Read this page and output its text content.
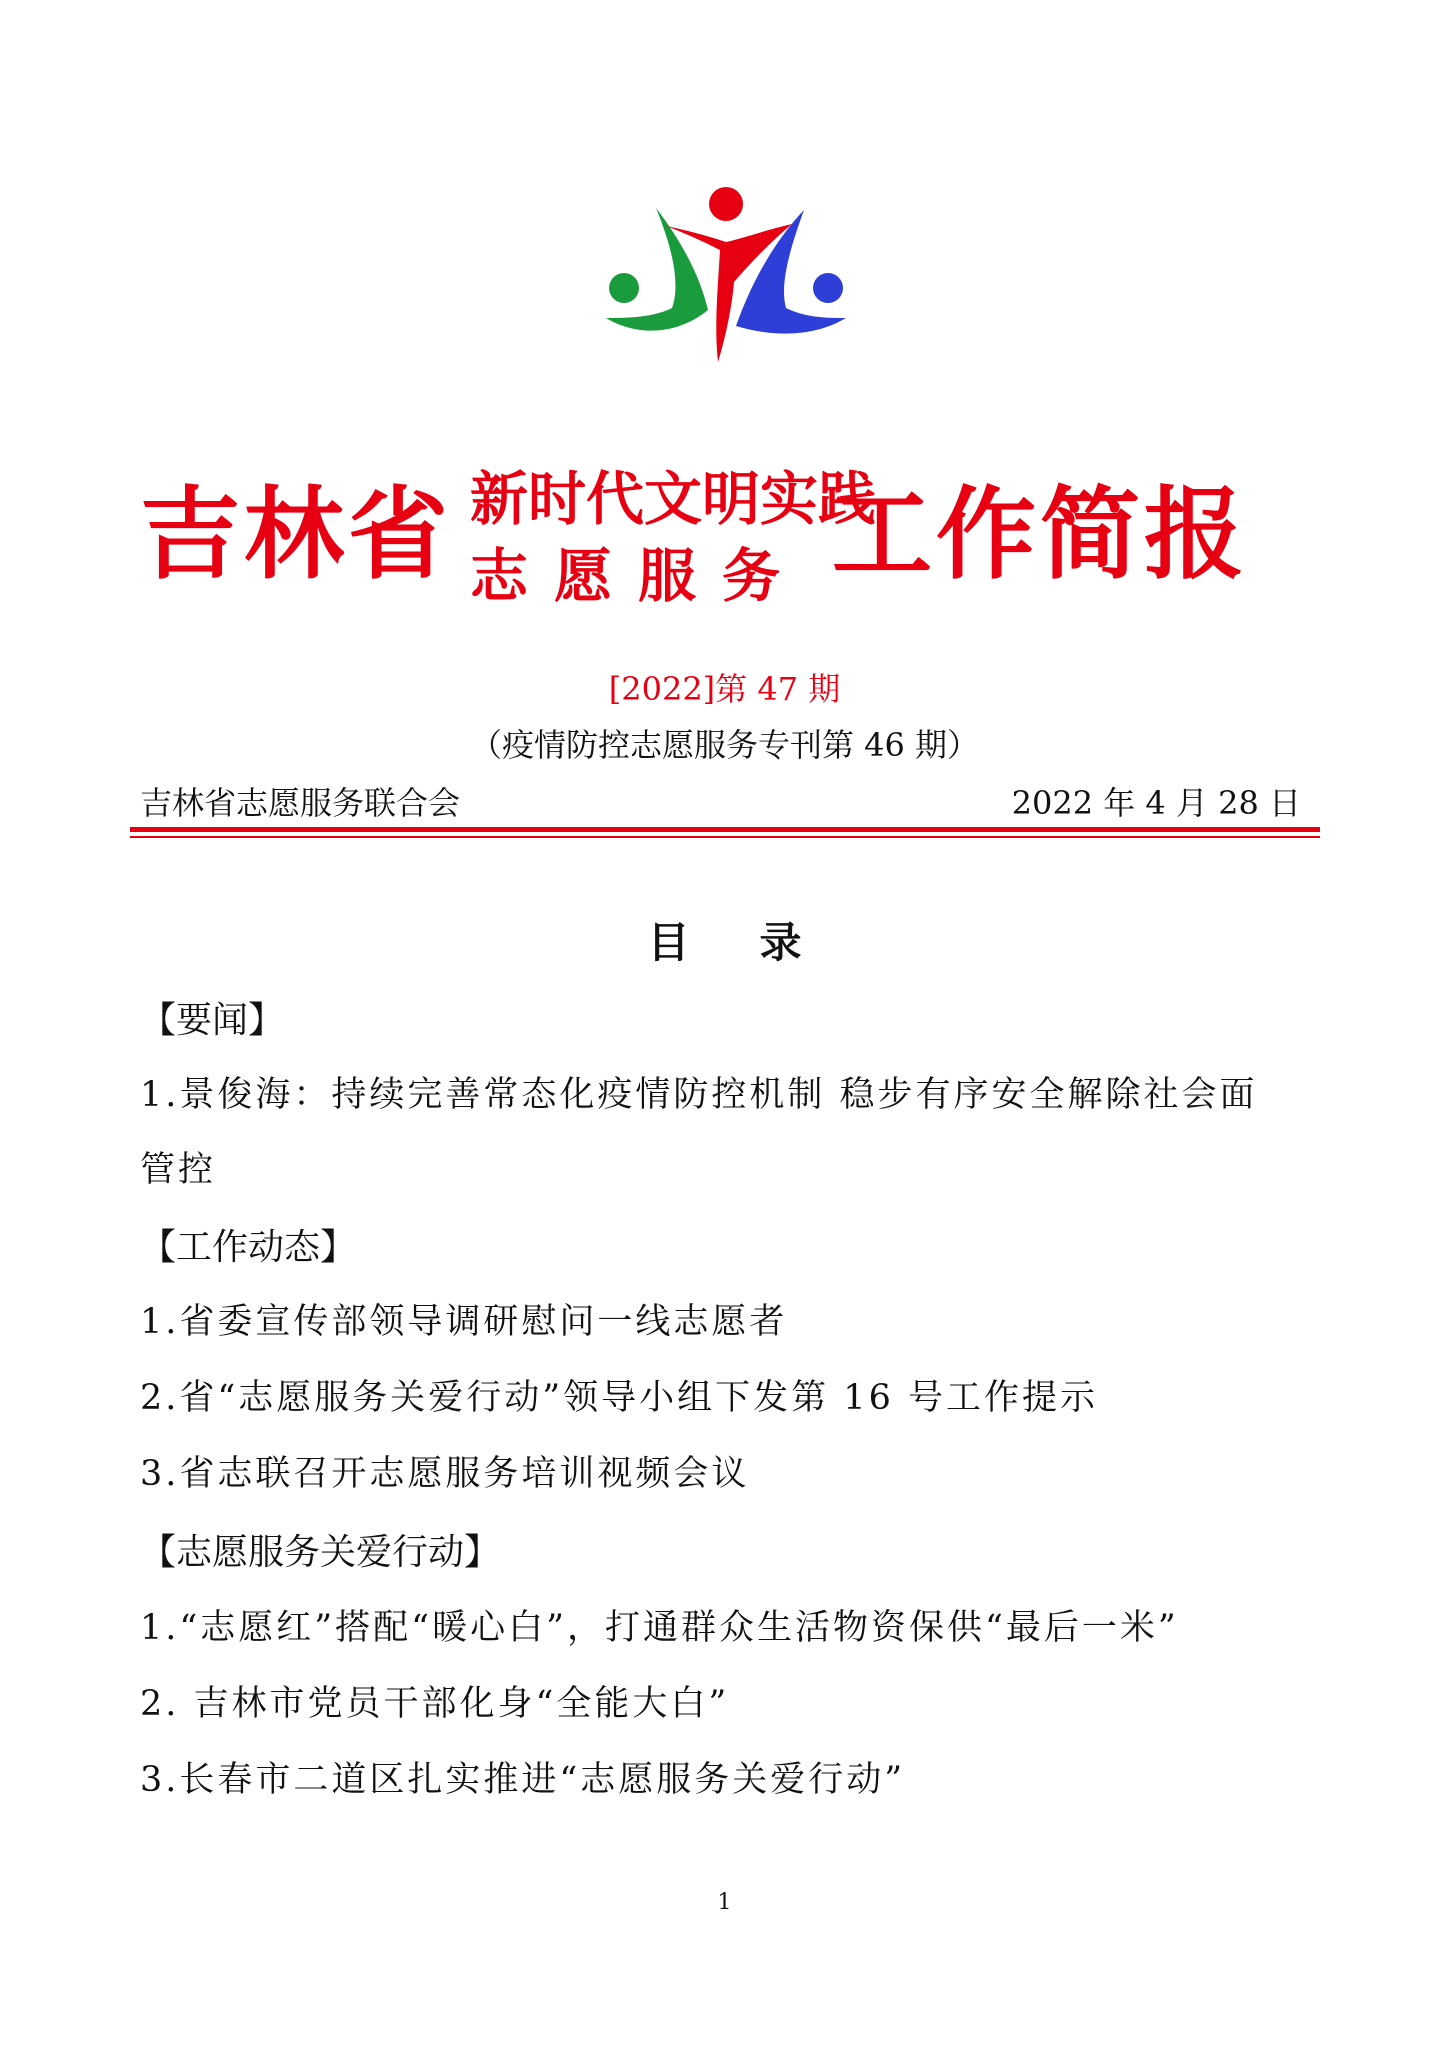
吉林省 新时代文明实践
志愿服务 工作简报
[2022]第 47 期
（疫情防控志愿服务专刊第 46 期）
吉林省志愿服务联合会	2022 年 4 月 28 日
目录
【要闻】
1.景俊海：持续完善常态化疫情防控机制 稳步有序安全解除社会面
管控
【工作动态】
1.省委宣传部领导调研慰问一线志愿者
2.省“志愿服务关爱行动”领导小组下发第 16 号工作提示
3.省志联召开志愿服务培训视频会议
【志愿服务关爱行动】
1.“志愿红”搭配“暖心白”，打通群众生活物资保供“最后一米”
2. 吉林市党员干部化身“全能大白”
3.长春市二道区扎实推进“志愿服务关爱行动”
1
